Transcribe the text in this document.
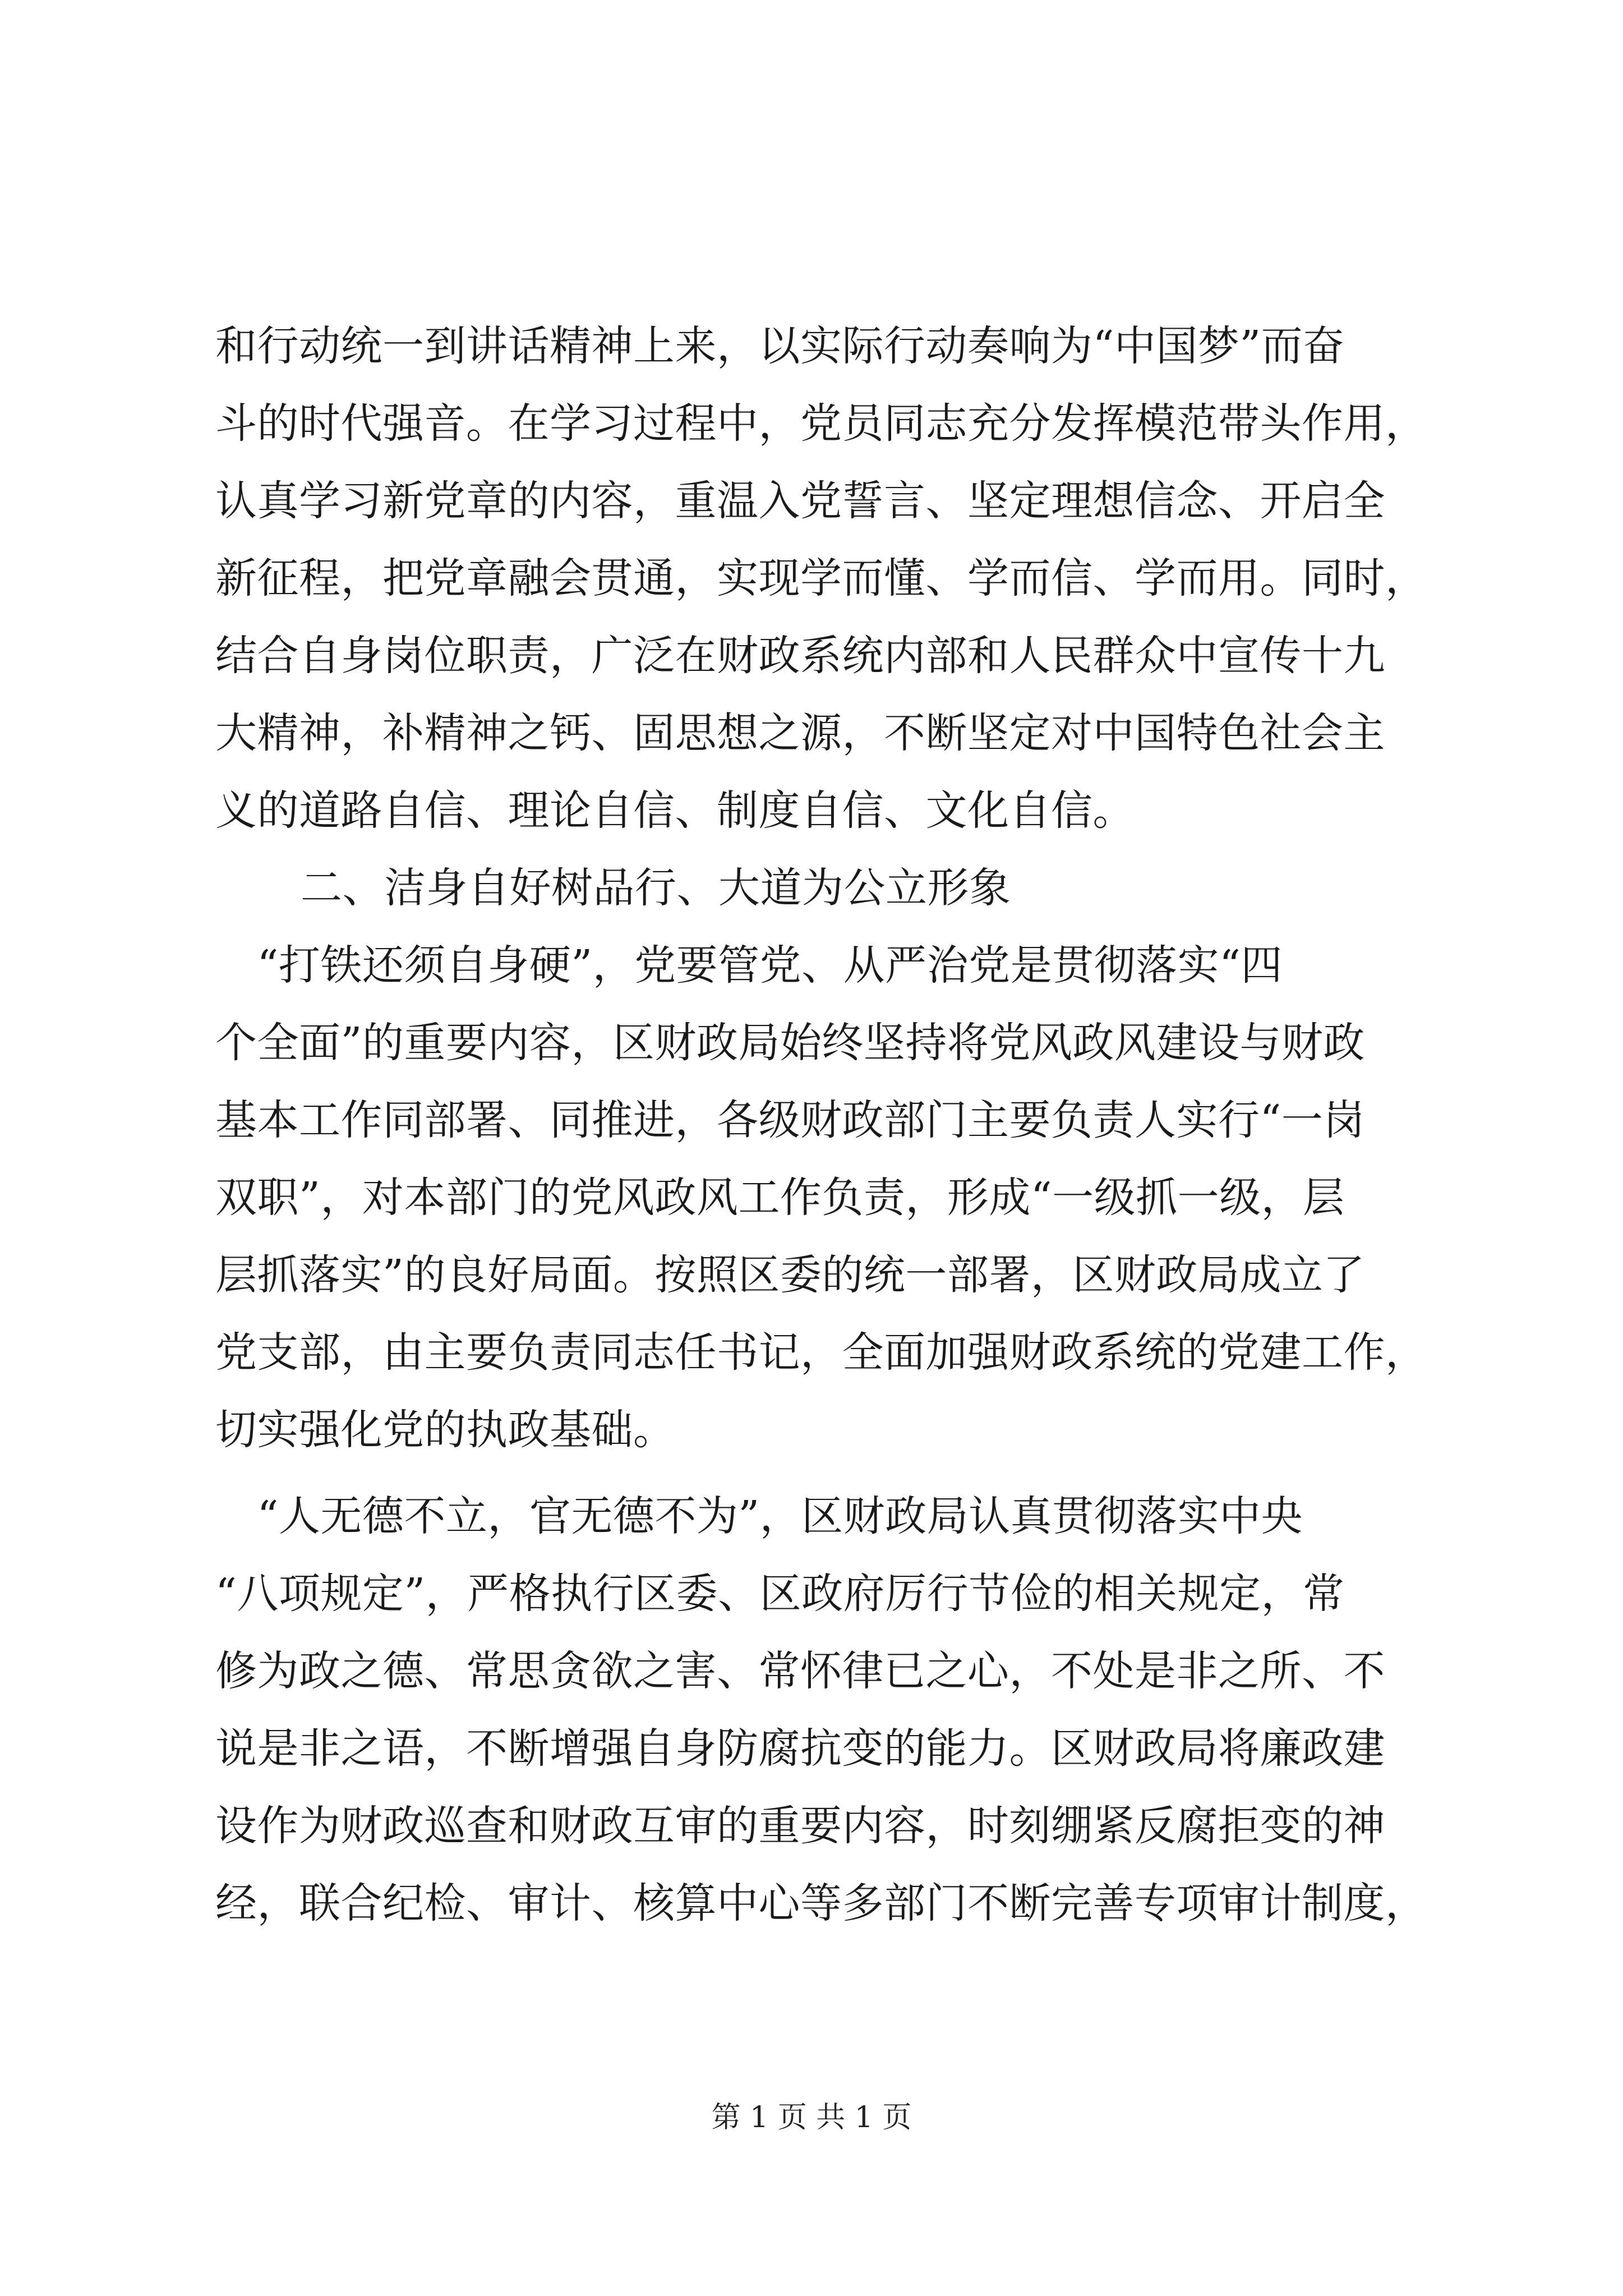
和行动统一到讲话精神上来，以实际行动奏响为“中国梦”而奋
斗的时代强音。在学习过程中，党员同志充分发挥模范带头作用，
认真学习新党章的内容，重温入党誓言、坚定理想信念、开启全
新征程，把党章融会贯通，实现学而懂、学而信、学而用。同时，
结合自身岗位职责，广泛在财政系统内部和人民群众中宣传十九
大精神，补精神之钙、固思想之源，不断坚定对中国特色社会主
义的道路自信、理论自信、制度自信、文化自信。
二、洁身自好树品行、大道为公立形象
　“打铁还须自身硬”，党要管党、从严治党是贯彻落实“四
个全面”的重要内容，区财政局始终坚持将党风政风建设与财政
基本工作同部署、同推进，各级财政部门主要负责人实行“一岗
双职”，对本部门的党风政风工作负责，形成“一级抓一级，层
层抓落实”的良好局面。按照区委的统一部署，区财政局成立了
党支部，由主要负责同志任书记，全面加强财政系统的党建工作，
切实强化党的执政基础。
　“人无德不立，官无德不为”，区财政局认真贯彻落实中央
“八项规定”，严格执行区委、区政府厉行节俭的相关规定，常
修为政之德、常思贪欲之害、常怀律已之心，不处是非之所、不
说是非之语，不断增强自身防腐抗变的能力。区财政局将廉政建
设作为财政巡查和财政互审的重要内容，时刻绷紧反腐拒变的神
经，联合纪检、审计、核算中心等多部门不断完善专项审计制度，
第 1 页 共 1 页
